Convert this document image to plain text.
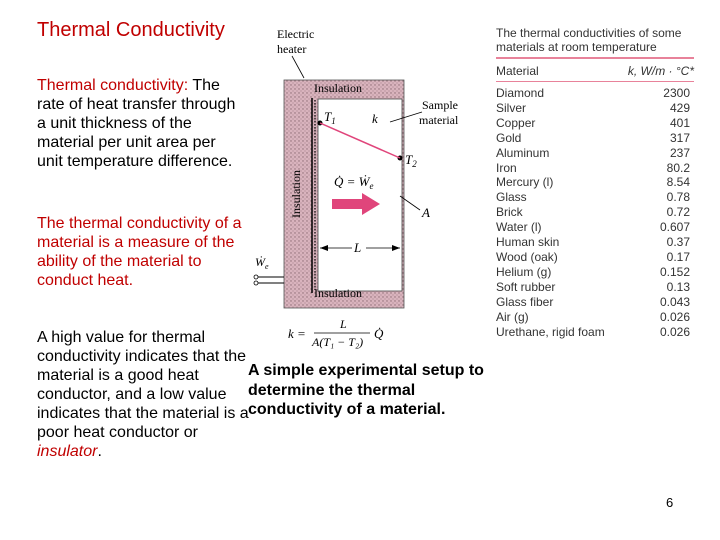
Thermal Conductivity
Thermal conductivity: The rate of heat transfer through a unit thickness of the material per unit area per unit temperature difference.
The thermal conductivity of a material is a measure of the ability of the material to conduct heat.
A high value for thermal conductivity indicates that the material is a good heat conductor, and a low value indicates that the material is a poor heat conductor or insulator.
Electric
heater
Insulation
Insulation
Insulation
Sample
material
$T_1$
$T_2$
k
Q̇ = Ẇ$_e$
A
L
Ẇ$_e$
k =
L
A(T₁ − T₂)
Q̇
A simple experimental setup to determine the thermal conductivity of a material.
The thermal conductivities of some materials at room temperature
Material	k, W/m · °C*
Diamond	2300
Silver	429
Copper	401
Gold	317
Aluminum	237
Iron	80.2
Mercury (l)	8.54
Glass	0.78
Brick	0.72
Water (l)	0.607
Human skin	0.37
Wood (oak)	0.17
Helium (g)	0.152
Soft rubber	0.13
Glass fiber	0.043
Air (g)	0.026
Urethane, rigid foam	0.026
6
